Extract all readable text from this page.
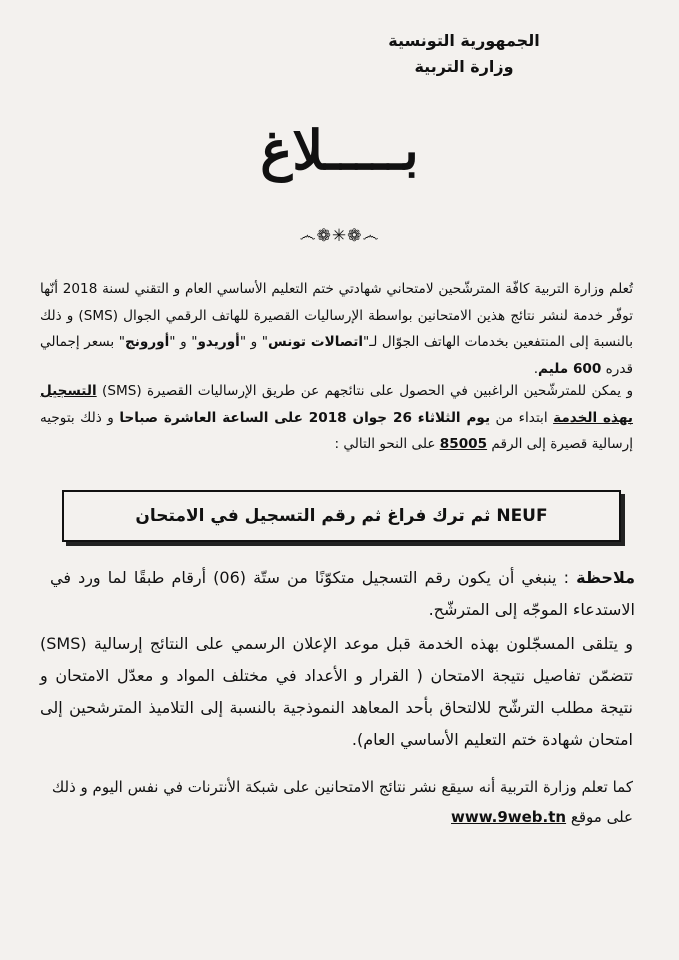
الجمهورية التونسية
وزارة التربية
بـــــلاغ
෴❁✳❁෴
تُعلم وزارة التربية كافّة المترشّحين لامتحاني شهادتي ختم التعليم الأساسي العام و التقني لسنة 2018 أنّها توفّر خدمة لنشر نتائج هذين الامتحانين بواسطة الإرساليات القصيرة للهاتف الرقمي الجوال (SMS) و ذلك بالنسبة إلى المنتفعين بخدمات الهاتف الجوّال لـ"اتصالات تونس" و "أوريدو" و "أورونج" بسعر إجمالي قدره 600 مليم.
و يمكن للمترشّحين الراغبين في الحصول على نتائجهم عن طريق الإرساليات القصيرة (SMS) التسجيل بهذه الخدمة ابتداء من يوم الثلاثاء 26 جوان 2018 على الساعة العاشرة صباحا و ذلك بتوجيه إرسالية قصيرة إلى الرقم 85005 على النحو التالي :
NEUF ثم ترك فراغ ثم رقم التسجيل في الامتحان
ملاحظة : ينبغي أن يكون رقم التسجيل متكوّنًا من ستّة (06) أرقام طبقًا لما ورد في الاستدعاء الموجّه إلى المترشّح.
و يتلقى المسجّلون بهذه الخدمة قبل موعد الإعلان الرسمي على النتائج إرسالية (SMS) تتضمّن تفاصيل نتيجة الامتحان ( القرار و الأعداد في مختلف المواد و معدّل الامتحان و نتيجة مطلب الترشّح للالتحاق بأحد المعاهد النموذجية بالنسبة إلى التلاميذ المترشحين إلى امتحان شهادة ختم التعليم الأساسي العام).
كما تعلم وزارة التربية أنه سيقع نشر نتائج الامتحانين على شبكة الأنترنات في نفس اليوم و ذلك على موقع www.9web.tn
